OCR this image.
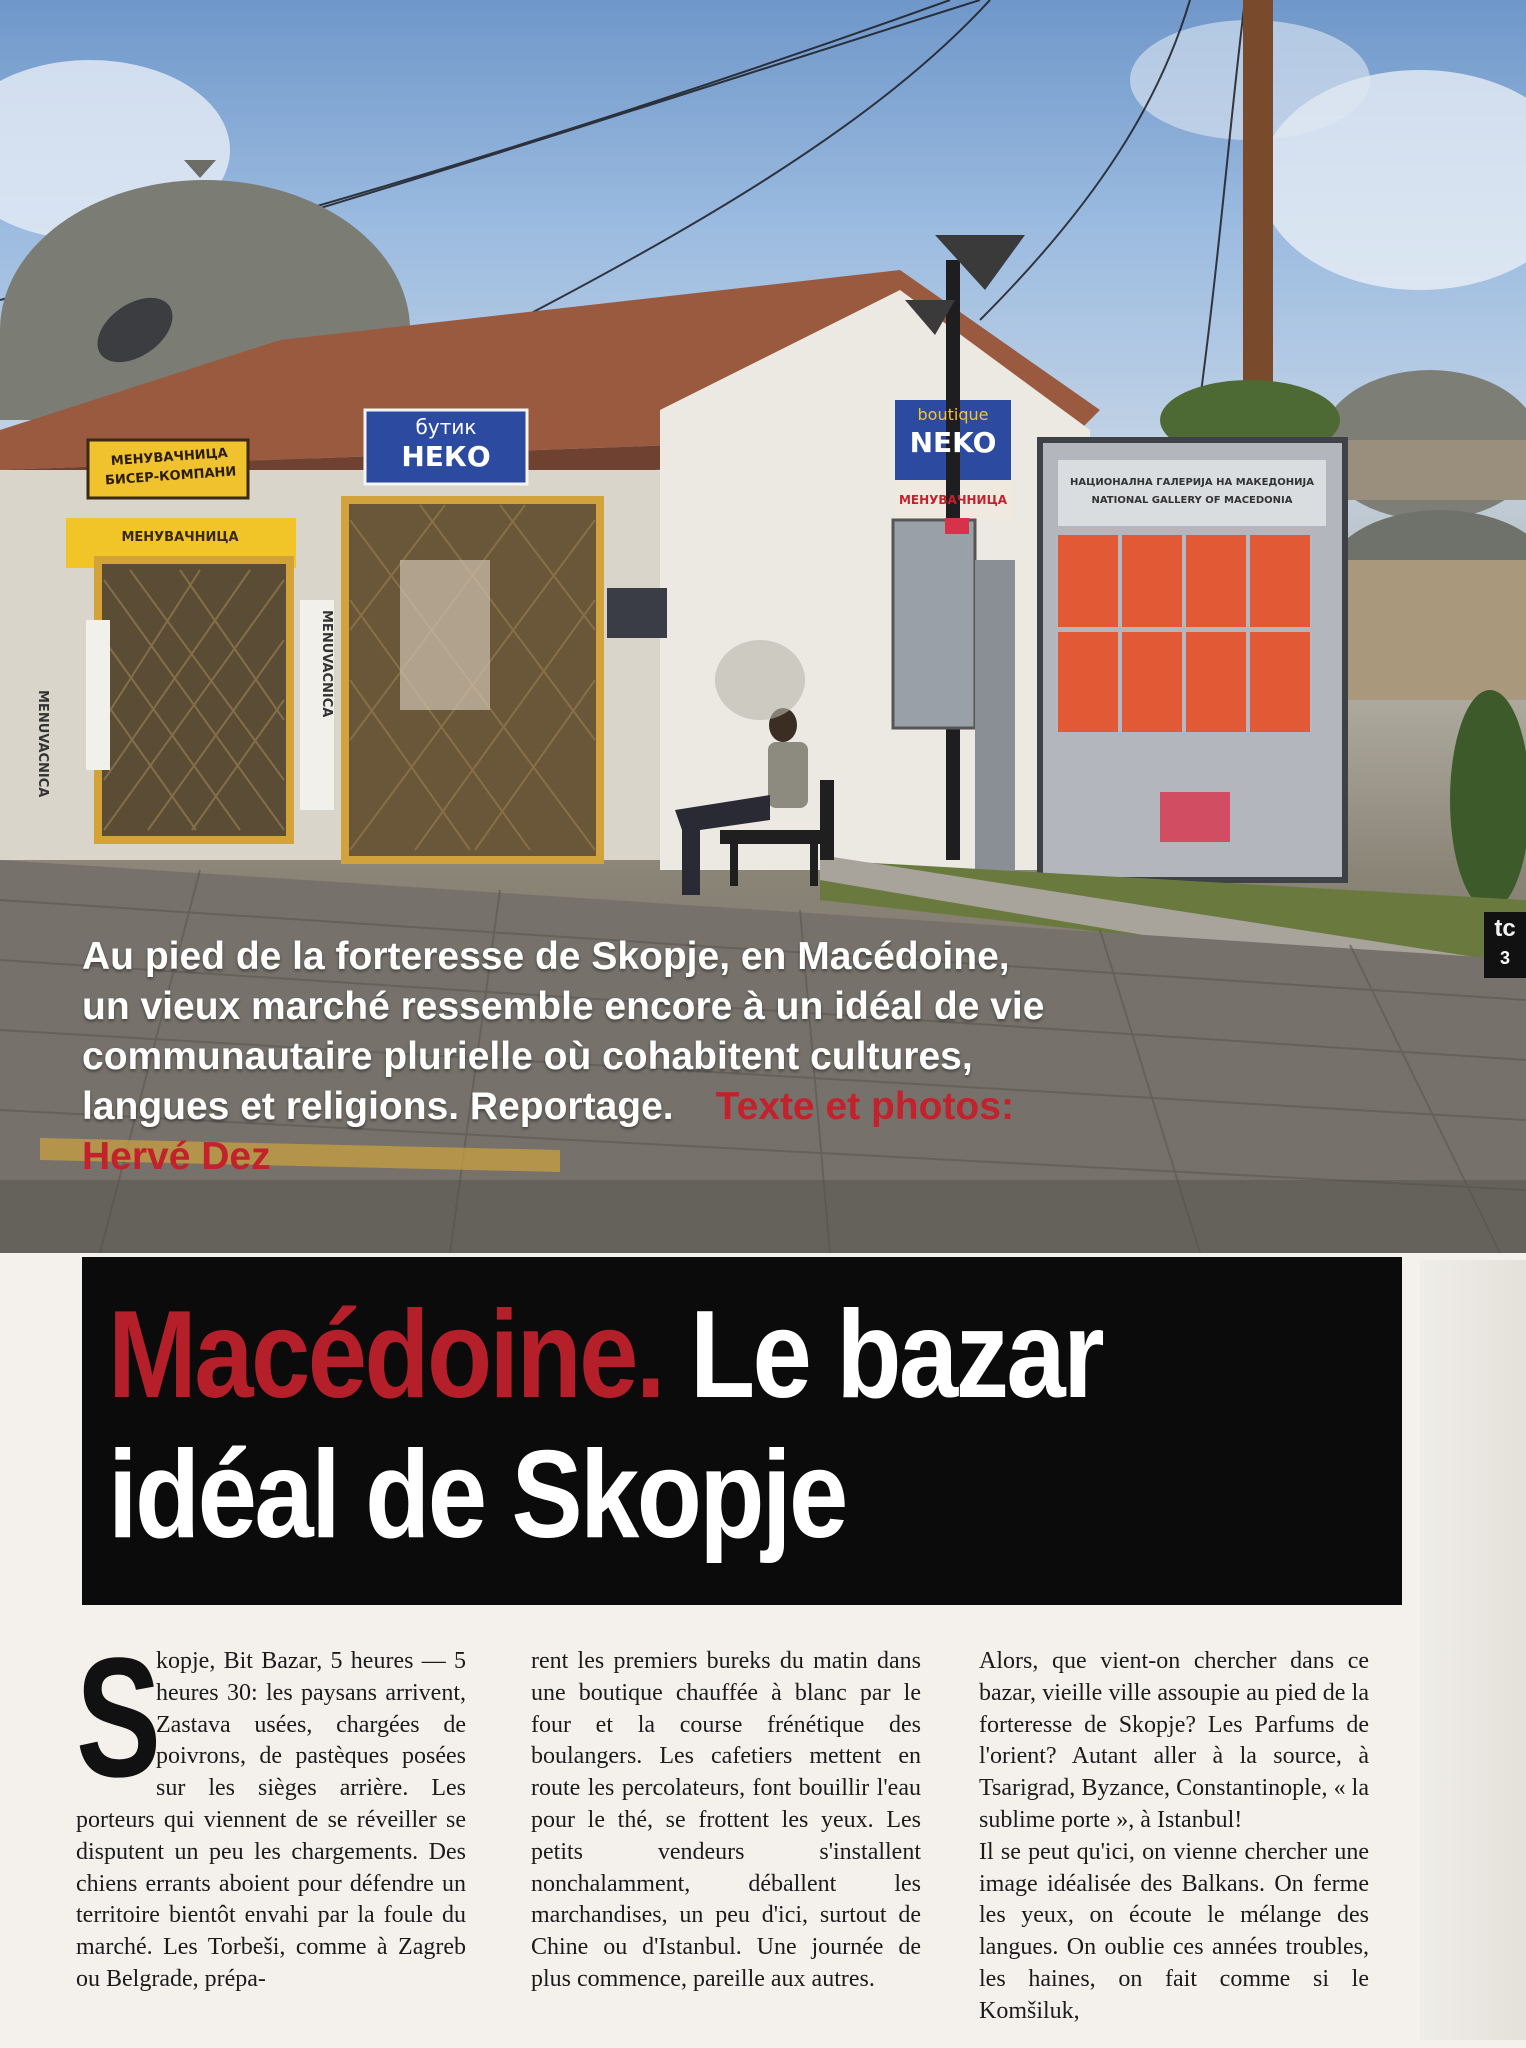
МЕНУВАЧНИЦА
БИСЕР-КОМПАНИ
МЕНУВАЧНИЦА
бутик
НЕКО
boutique
NEKO
МЕНУВАЧНИЦА
MENUVACNICA
MENUVACNICA
НАЦИОНАЛНА ГАЛЕРИЈА НА МАКЕДОНИЈА
NATIONAL GALLERY OF MACEDONIA
Au pied de la forteresse de Skopje, en Macédoine, un vieux marché ressemble encore à un idéal de vie communautaire plurielle où cohabitent cultures, langues et religions. Reportage. Texte et photos: Hervé Dez
tc
3
Macédoine. Le bazar
idéal de Skopje
S

kopje, Bit Bazar, 5 heures — 5 heures 30: les paysans arrivent, Zastava usées, chargées de poivrons, de pastèques posées sur les sièges arrière. Les porteurs qui viennent de se réveiller se disputent un peu les chargements. Des chiens errants aboient pour défendre un territoire bientôt envahi par la foule du marché. Les Torbeši, comme à Zagreb ou Belgrade, prépa-

rent les premiers bureks du matin dans une boutique chauffée à blanc par le four et la course frénétique des boulangers. Les cafetiers mettent en route les percolateurs, font bouillir l'eau pour le thé, se frottent les yeux. Les petits vendeurs s'installent nonchalamment, déballent les marchandises, un peu d'ici, surtout de Chine ou d'Istanbul. Une journée de plus commence, pareille aux autres.

Alors, que vient-on chercher dans ce bazar, vieille ville assoupie au pied de la forteresse de Skopje? Les Parfums de l'orient? Autant aller à la source, à Tsarigrad, Byzance, Constantinople, « la sublime porte », à Istanbul!

Il se peut qu'ici, on vienne chercher une image idéalisée des Balkans. On ferme les yeux, on écoute le mélange des langues. On oublie ces années troubles, les haines, on fait comme si le Komšiluk,
